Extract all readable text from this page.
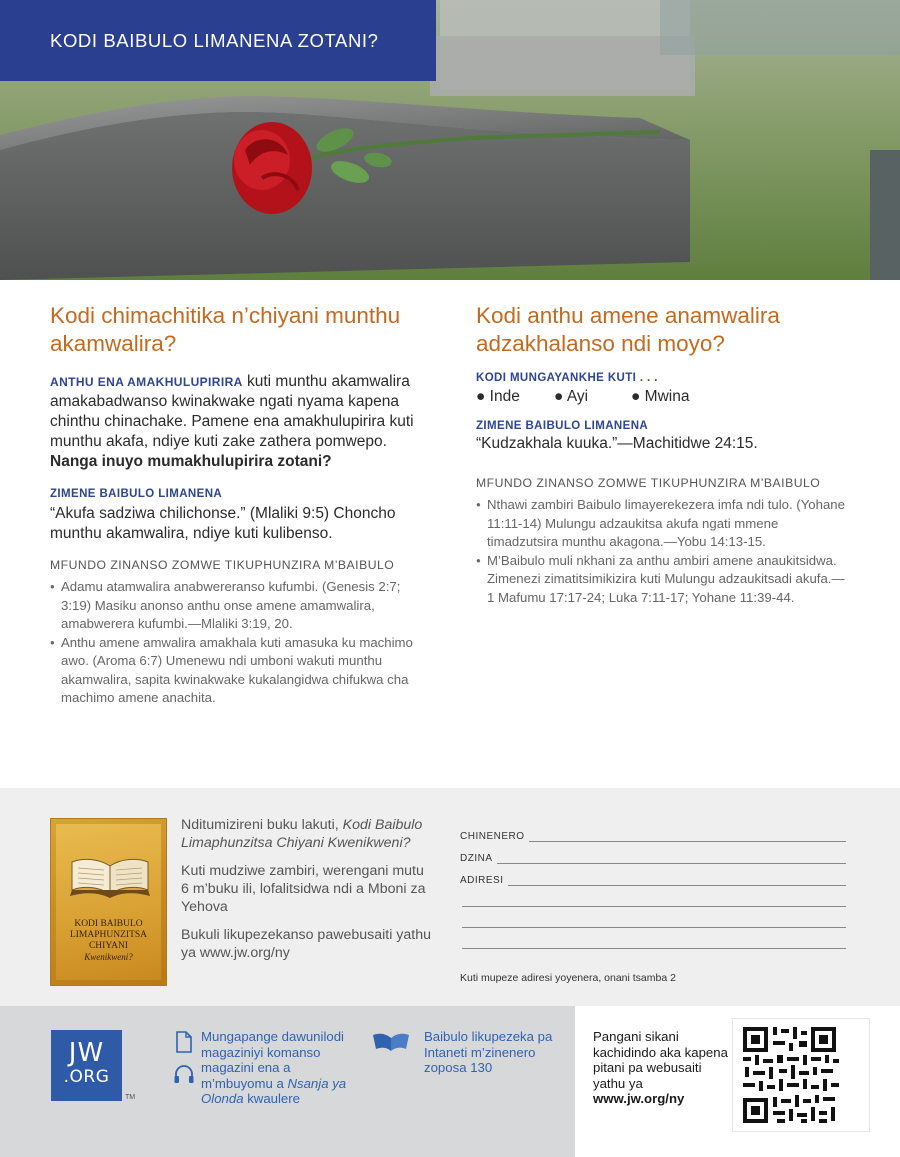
KODI BAIBULO LIMANENA ZOTANI?
Kodi chimachitika n’chiyani munthu akamwalira?

ANTHU ENA AMAKHULUPIRIRA kuti munthu akamwalira amakabadwanso kwinakwake ngati nyama kapena chinthu chinachake. Pamene ena amakhulupirira kuti munthu akafa, ndiye kuti zake zathera pomwepo. Nanga inuyo mumakhulupirira zotani?

ZIMENE BAIBULO LIMANENA

“Akufa sadziwa chilichonse.” (Mlaliki 9:5) Choncho munthu akamwalira, ndiye kuti kulibenso.

MFUNDO ZINANSO ZOMWE TIKUPHUNZIRA M’BAIBULO
● Adamu atamwalira anabwereranso kufumbi. (Genesis 2:7; 3:19) Masiku anonso anthu onse amene amamwalira, amabwerera kufumbi.—Mlaliki 3:19, 20.
● Anthu amene amwalira amakhala kuti amasuka ku machimo awo. (Aroma 6:7) Umenewu ndi umboni wakuti munthu akamwalira, sapita kwinakwake kukalangidwa chifukwa cha machimo amene anachita.
Kodi anthu amene anamwalira adzakhalanso ndi moyo?
KODI MUNGAYANKHE KUTI . . .
● Inde	● Ayi	● Mwina
ZIMENE BAIBULO LIMANENA

“Kudzakhala kuuka.”—Machitidwe 24:15.

MFUNDO ZINANSO ZOMWE TIKUPHUNZIRA M’BAIBULO
● Nthawi zambiri Baibulo limayerekezera imfa ndi tulo. (Yohane 11:11-14) Mulungu adzaukitsa akufa ngati mmene timadzutsira munthu akagona.—Yobu 14:13-15.
● M’Baibulo muli nkhani za anthu ambiri amene anaukitsidwa. Zimenezi zimatitsimikizira kuti Mulungu adzaukitsadi akufa.—1 Mafumu 17:17-24; Luka 7:11-17; Yohane 11:39-44.
KODI BAIBULO
LIMAPHUNZITSA
CHIYANI
Kwenikweni?

Nditumizireni buku lakuti, Kodi Baibulo Limaphunzitsa Chiyani Kwenikweni?

Kuti mudziwe zambiri, werengani mutu 6 m’buku ili, lofalitsidwa ndi a Mboni za Yehova

Bukuli likupezekanso pawebusaiti yathu ya www.jw.org/ny

CHINENERO
DZINA
ADIRESI
Kuti mupeze adiresi yoyenera, onani tsamba 2
JW
.ORG
TM
Mungapange dawunilodi magaziniyi komanso magazini ena a m’mbuyomu a Nsanja ya Olonda kwaulere
Baibulo likupezeka pa Intaneti m’zinenero zoposa 130
Pangani sikani kachidindo aka kapena pitani pa webusaiti yathu ya www.jw.org/ny
